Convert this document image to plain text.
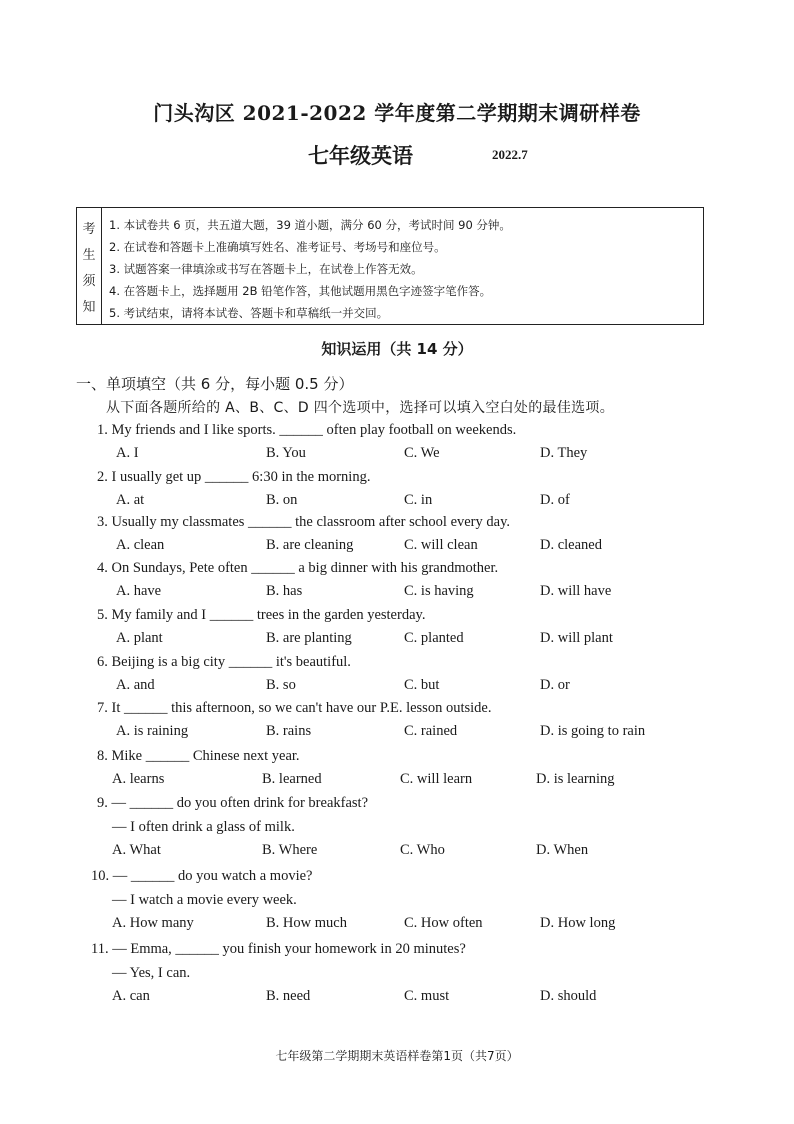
门头沟区 2021-2022 学年度第二学期期末调研样卷
七年级英语	2022.7
考
生
须
知
1. 本试卷共 6 页，共五道大题，39 道小题，满分 60 分，考试时间 90 分钟。
2. 在试卷和答题卡上准确填写姓名、准考证号、考场号和座位号。
3. 试题答案一律填涂或书写在答题卡上，在试卷上作答无效。
4. 在答题卡上，选择题用 2B 铅笔作答，其他试题用黑色字迹签字笔作答。
5. 考试结束，请将本试卷、答题卡和草稿纸一并交回。
知识运用（共 14 分）
一、单项填空（共 6 分，每小题 0.5 分）
从下面各题所给的 A、B、C、D 四个选项中，选择可以填入空白处的最佳选项。
1. My friends and I like sports. ______ often play football on weekends.
A. I	B. You	C. We	D. They
2. I usually get up ______ 6:30 in the morning.
A. at	B. on	C. in	D. of
3. Usually my classmates ______ the classroom after school every day.
A. clean	B. are cleaning	C. will clean	D. cleaned
4. On Sundays, Pete often ______ a big dinner with his grandmother.
A. have	B. has	C. is having	D. will have
5. My family and I ______ trees in the garden yesterday.
A. plant	B. are planting	C. planted	D. will plant
6. Beijing is a big city ______ it's beautiful.
A. and	B. so	C. but	D. or
7. It ______ this afternoon, so we can't have our P.E. lesson outside.
A. is raining	B. rains	C. rained	D. is going to rain
8. Mike ______ Chinese next year.
A. learns	B. learned	C. will learn	D. is learning
9. — ______ do you often drink for breakfast?
— I often drink a glass of milk.
A. What	B. Where	C. Who	D. When
10. — ______ do you watch a movie?
— I watch a movie every week.
A. How many	B. How much	C. How often	D. How long
11. — Emma, ______ you finish your homework in 20 minutes?
— Yes, I can.
A. can	B. need	C. must	D. should
七年级第二学期期末英语样卷第1页（共7页）
